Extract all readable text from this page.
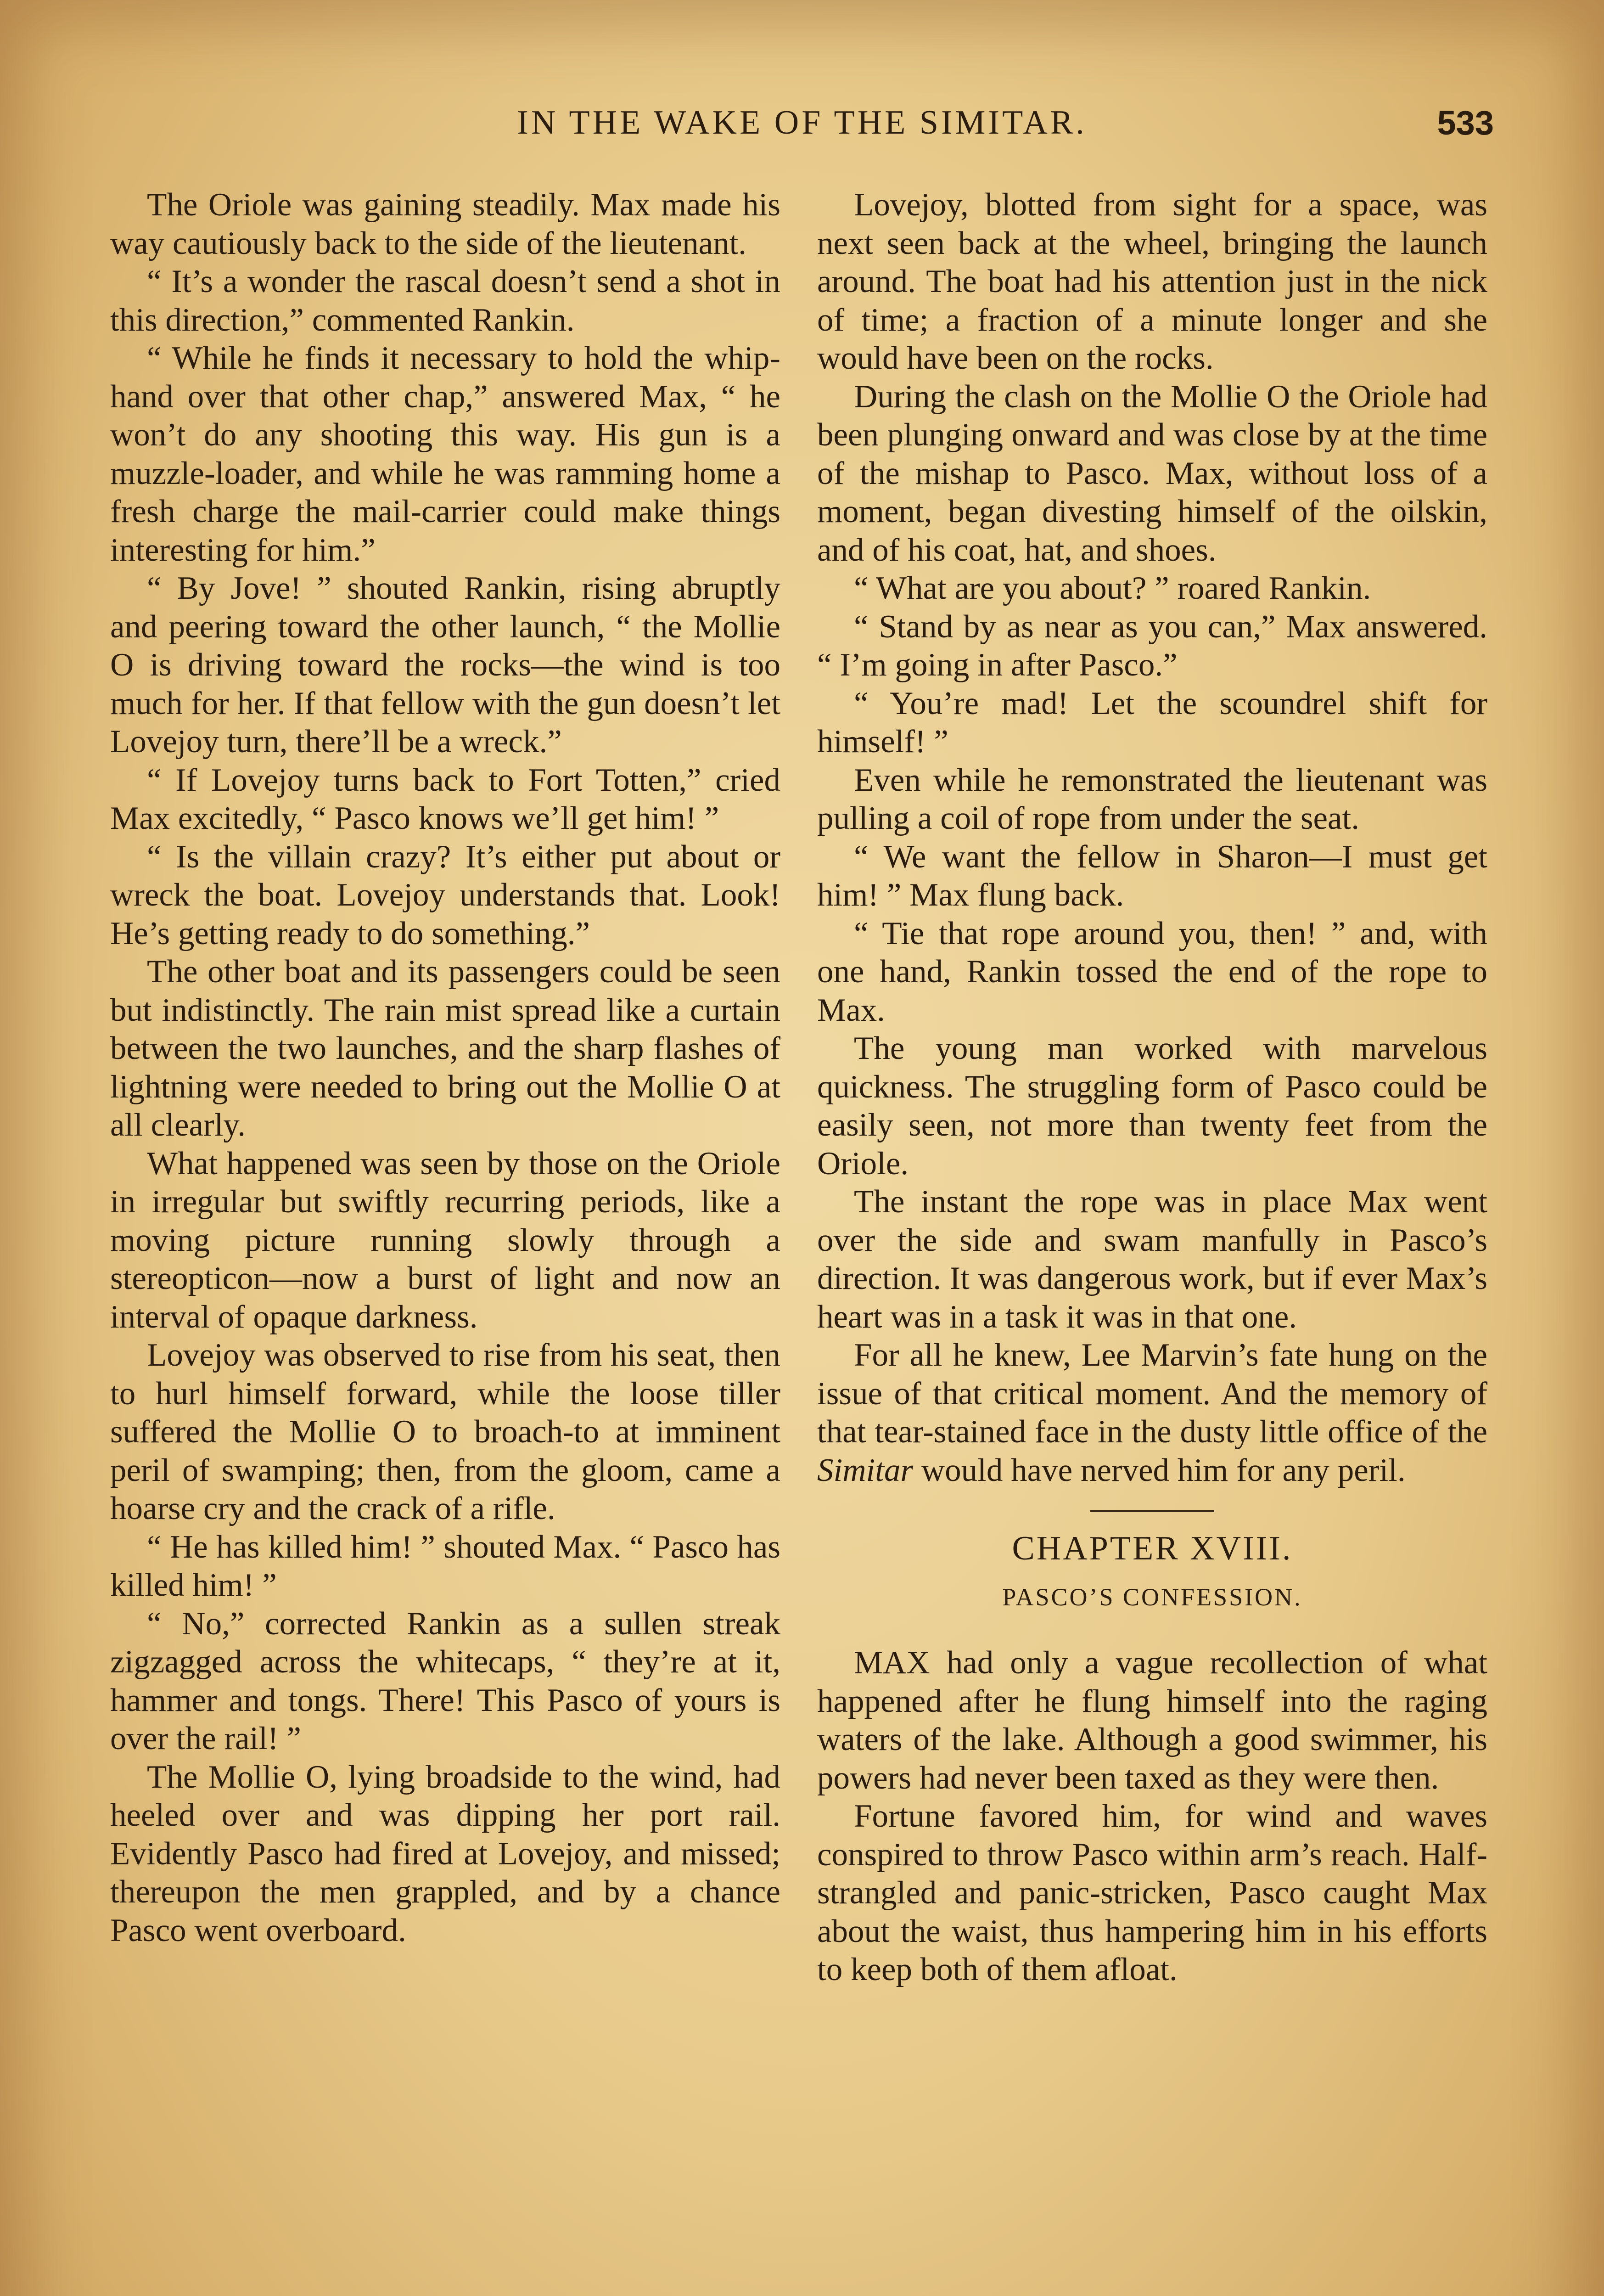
IN THE WAKE OF THE SIMITAR.	533

The Oriole was gaining steadily. Max made his way cautiously back to the side of the lieutenant.

“ It’s a wonder the rascal doesn’t send a shot in this direction,” commented Rankin.

“ While he finds it necessary to hold the whip-hand over that other chap,” answered Max, “ he won’t do any shooting this way. His gun is a muzzle-loader, and while he was ramming home a fresh charge the mail-carrier could make things interesting for him.”

“ By Jove! ” shouted Rankin, rising abruptly and peering toward the other launch, “ the Mollie O is driving toward the rocks—the wind is too much for her. If that fellow with the gun doesn’t let Lovejoy turn, there’ll be a wreck.”

“ If Lovejoy turns back to Fort Totten,” cried Max excitedly, “ Pasco knows we’ll get him! ”

“ Is the villain crazy? It’s either put about or wreck the boat. Lovejoy understands that. Look! He’s getting ready to do something.”

The other boat and its passengers could be seen but indistinctly. The rain mist spread like a curtain between the two launches, and the sharp flashes of lightning were needed to bring out the Mollie O at all clearly.

What happened was seen by those on the Oriole in irregular but swiftly recurring periods, like a moving picture running slowly through a stereopticon—now a burst of light and now an interval of opaque darkness.

Lovejoy was observed to rise from his seat, then to hurl himself forward, while the loose tiller suffered the Mollie O to broach-to at imminent peril of swamping; then, from the gloom, came a hoarse cry and the crack of a rifle.

“ He has killed him! ” shouted Max. “ Pasco has killed him! ”

“ No,” corrected Rankin as a sullen streak zigzagged across the whitecaps, “ they’re at it, hammer and tongs. There! This Pasco of yours is over the rail! ”

The Mollie O, lying broadside to the wind, had heeled over and was dipping her port rail. Evidently Pasco had fired at Lovejoy, and missed; thereupon the men grappled, and by a chance Pasco went overboard.

Lovejoy, blotted from sight for a space, was next seen back at the wheel, bringing the launch around. The boat had his attention just in the nick of time; a fraction of a minute longer and she would have been on the rocks.

During the clash on the Mollie O the Oriole had been plunging onward and was close by at the time of the mishap to Pasco. Max, without loss of a moment, began divesting himself of the oilskin, and of his coat, hat, and shoes.

“ What are you about? ” roared Rankin.

“ Stand by as near as you can,” Max answered. “ I’m going in after Pasco.”

“ You’re mad! Let the scoundrel shift for himself! ”

Even while he remonstrated the lieutenant was pulling a coil of rope from under the seat.

“ We want the fellow in Sharon—I must get him! ” Max flung back.

“ Tie that rope around you, then! ” and, with one hand, Rankin tossed the end of the rope to Max.

The young man worked with marvelous quickness. The struggling form of Pasco could be easily seen, not more than twenty feet from the Oriole.

The instant the rope was in place Max went over the side and swam manfully in Pasco’s direction. It was dangerous work, but if ever Max’s heart was in a task it was in that one.

For all he knew, Lee Marvin’s fate hung on the issue of that critical moment. And the memory of that tear-stained face in the dusty little office of the Simitar would have nerved him for any peril.

CHAPTER XVIII.
PASCO’S CONFESSION.

MAX had only a vague recollection of what happened after he flung himself into the raging waters of the lake. Although a good swimmer, his powers had never been taxed as they were then.

Fortune favored him, for wind and waves conspired to throw Pasco within arm’s reach. Half-strangled and panic-stricken, Pasco caught Max about the waist, thus hampering him in his efforts to keep both of them afloat.
